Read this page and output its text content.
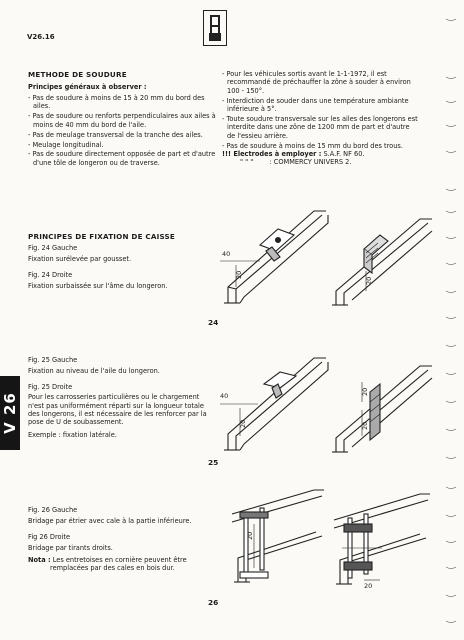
V26.16
METHODE DE SOUDURE
Principes généraux à observer :
- Pas de soudure à moins de 15 à 20 mm du bord des ailes.
- Pas de soudure ou renforts perpendiculaires aux ailes à moins de 40 mm du bord de l'aile.
- Pas de meulage transversal de la tranche des ailes.
- Meulage longitudinal.
- Pas de soudure directement opposée de part et d'autre d'une tôle de longeron ou de traverse.
- Pour les véhicules sortis avant le 1-1-1972, il est recommandé de préchauffer la zône à souder à environ 100 - 150°.
- Interdiction de souder dans une température ambiante inférieure à 5°.
- Toute soudure transversale sur les ailes des longerons est interdite dans une zône de 1200 mm de part et d'autre de l'essieu arrière.
- Pas de soudure à moins de 15 mm du bord des trous.
!!! Electrodes à employer : S.A.F. NF 60.
" " " : COMMERCY UNIVERS 2.
PRINCIPES DE FIXATION DE CAISSE
Fig. 24 Gauche
Fixation surélevée par gousset.
Fig. 24 Droite
Fixation surbaissée sur l'âme du longeron.
Fig. 25 Gauche
Fixation au niveau de l'aile du longeron.
Fig. 25 Droite
Pour les carrosseries particulières ou le chargement n'est pas uniformément réparti sur la longueur totale des longerons, il est nécessaire de les renforcer par la pose de U de soubassement.
Exemple : fixation latérale.
Fig. 26 Gauche
Bridage par étrier avec cale à la partie inférieure.
Fig 26 Droite
Bridage par tirants droits.
Nota : Les entretoises en cornière peuvent être remplacées par des cales en bois dur.
40
20
20
24
40
20
20
20
25
20
20
26
V 26
